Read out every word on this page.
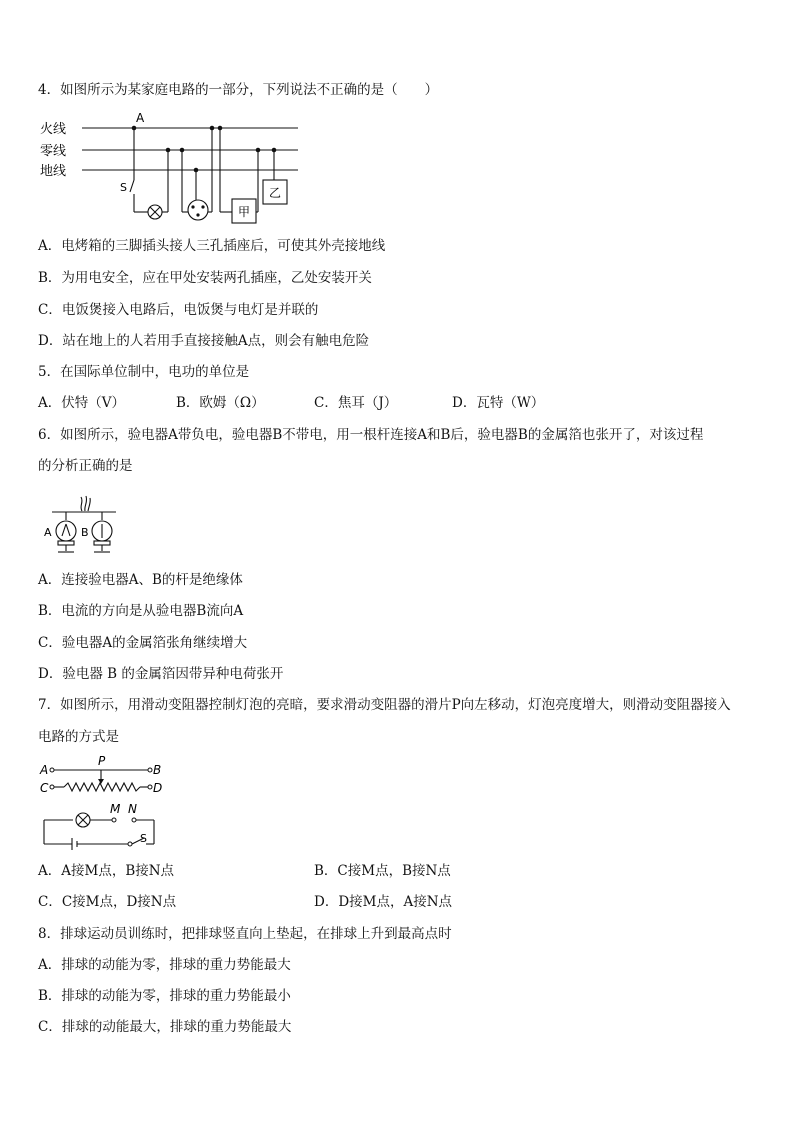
4．如图所示为某家庭电路的一部分，下列说法不正确的是（　　）
火线
零线
地线
A
S
甲
乙
A．电烤箱的三脚插头接人三孔插座后，可使其外壳接地线
B．为用电安全，应在甲处安装两孔插座，乙处安装开关
C．电饭煲接入电路后，电饭煲与电灯是并联的
D．站在地上的人若用手直接接触A点，则会有触电危险
5．在国际单位制中，电功的单位是
A．伏特（V）	B．欧姆（Ω）	C．焦耳（J）	D．瓦特（W）
6．如图所示，验电器A带负电，验电器B不带电，用一根杆连接A和B后，验电器B的金属箔也张开了，对该过程
的分析正确的是
A	B
A．连接验电器A、B的杆是绝缘体
B．电流的方向是从验电器B流向A
C．验电器A的金属箔张角继续增大
D．验电器 B 的金属箔因带异种电荷张开
7．如图所示，用滑动变阻器控制灯泡的亮暗，要求滑动变阻器的滑片P向左移动，灯泡亮度增大，则滑动变阻器接入
电路的方式是
A	B
C	D
P
M N
S
A．A接M点，B接N点	B．C接M点，B接N点
C．C接M点，D接N点	D．D接M点，A接N点
8．排球运动员训练时，把排球竖直向上垫起，在排球上升到最高点时
A．排球的动能为零，排球的重力势能最大
B．排球的动能为零，排球的重力势能最小
C．排球的动能最大，排球的重力势能最大
